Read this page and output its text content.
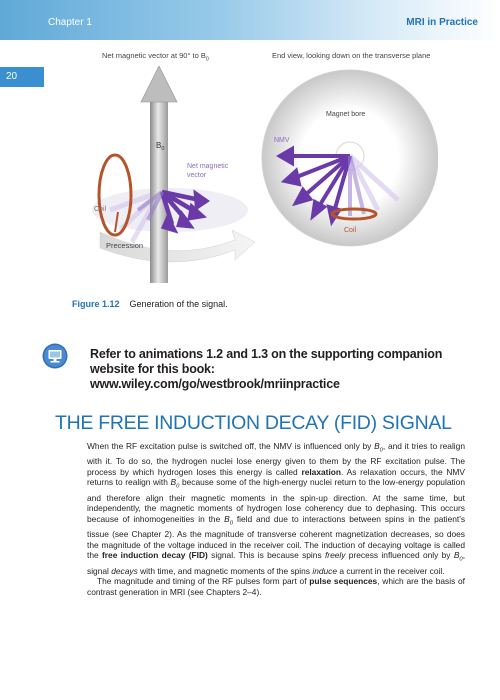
Chapter 1	MRI in Practice
20
Net magnetic vector at 90° to $B_0$	End view, looking down on the transverse plane
$B_0$
Net magnetic vector
Coil
Precession
Magnet bore
NMV
Coil
Figure 1.12 Generation of the signal.
Refer to animations 1.2 and 1.3 on the supporting companion website for this book: www.wiley.com/go/westbrook/mriinpractice
THE FREE INDUCTION DECAY (FID) SIGNAL

When the RF excitation pulse is switched off, the NMV is influenced only by $B_0$, and it tries to realign with it. To do so, the hydrogen nuclei lose energy given to them by the RF excitation pulse. The process by which hydrogen loses this energy is called relaxation. As relaxation occurs, the NMV returns to realign with $B_0$ because some of the high-energy nuclei return to the low-energy population and therefore align their magnetic moments in the spin-up direction. At the same time, but independently, the magnetic moments of hydrogen lose coherency due to dephasing. This occurs because of inhomogeneities in the $B_0$ field and due to interactions between spins in the patient's tissue (see Chapter 2). As the magnitude of transverse coherent magnetization decreases, so does the magnitude of the voltage induced in the receiver coil. The induction of decaying voltage is called the free induction decay (FID) signal. This is because spins freely precess influenced only by $B_0$, signal decays with time, and magnetic moments of the spins induce a current in the receiver coil.

The magnitude and timing of the RF pulses form part of pulse sequences, which are the basis of contrast generation in MRI (see Chapters 2–4).
